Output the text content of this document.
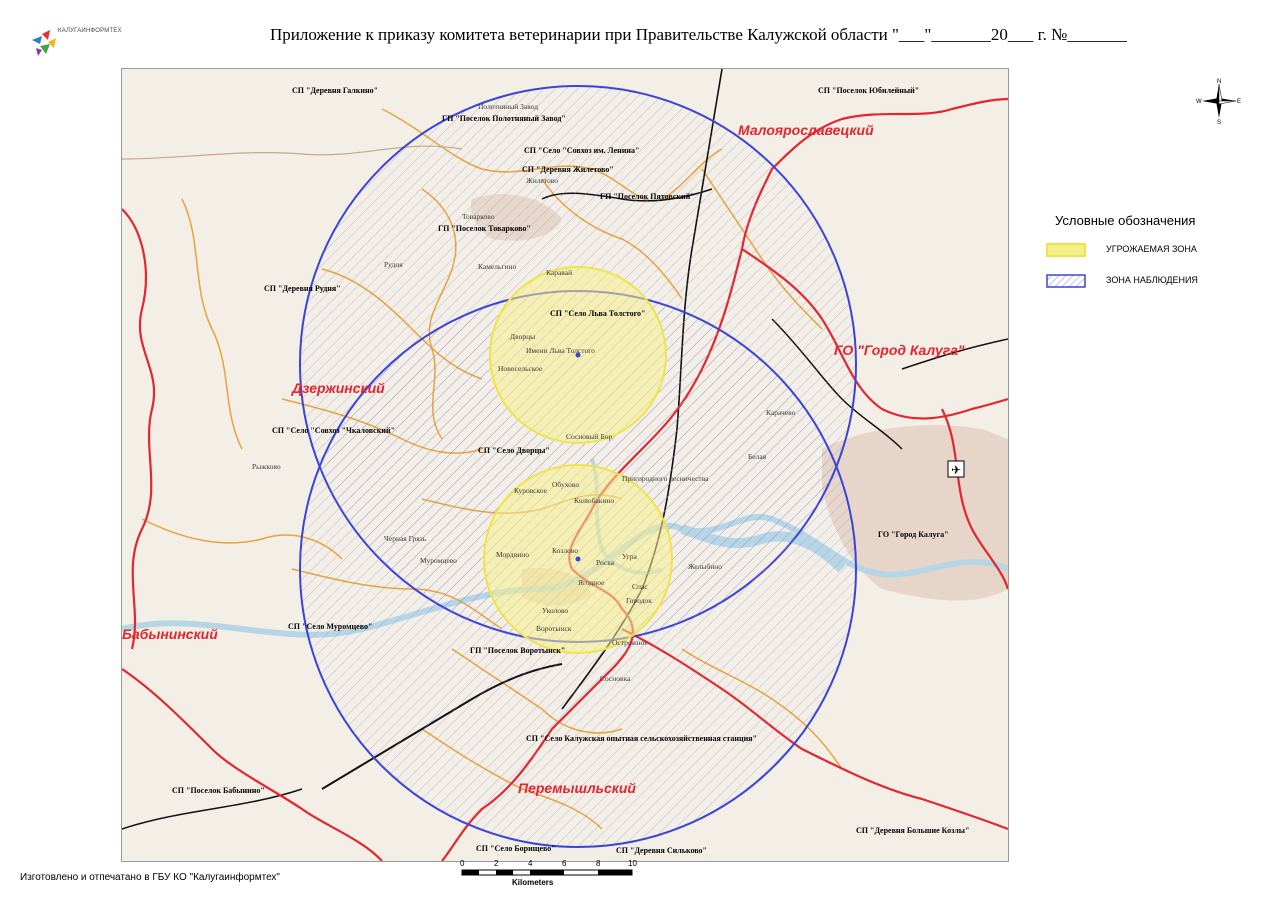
КАЛУГАИНФОРМТЕХ	Приложение к приказу комитета ветеринарии при Правительстве Калужской области "___"_______20___ г. №_______
✈
Малоярославецкий
ГО "Город Калуга"
Дзержинский
Бабынинский
Перемышльский
СП "Деревня Галкино"
ГП "Поселок Полотняный Завод"
СП "Село "Совхоз им. Ленина"
СП "Деревня Жилетово"
ГП "Поселок Пятовский"
ГП "Поселок Товарково"
СП "Деревня Рудня"
СП "Село Льва Толстого"
СП "Село "Совхоз "Чкаловский"
СП "Село Дворцы"
СП "Село Муромцево"
ГП "Поселок Воротынск"
СП "Село Калужская опытная сельскохозяйственная станция"
СП "Поселок Бабынино"
СП "Село Борищево"	СП "Деревня Сильково"
СП "Деревня Большие Козлы"
СП "Поселок Юбилейный"
ГО "Город Калуга"
Имени Льва Толстого
Дворцы
Новосельское
Сосновый Бор
Колюбакино
Козлово
Росва
Угра
Ягодное	Спас
Городок
Уколово
Воротынск
Куровское
Обухово
Муромцево
Мордвино
Камельгино
Каравай
Товарково
Полотняный Завод
Жилетово
Рудня
Черная Грязь
Желыбино
Острожное
Сосновка
Пригородного лесничества
Карачево
Белая
Рыжково
N
S
W	E
Условные обозначения
УГРОЖАЕМАЯ ЗОНА
ЗОНА НАБЛЮДЕНИЯ
0	2	4	6	8	10
Kilometers
Изготовлено и отпечатано в ГБУ КО "Калугаинформтех"
